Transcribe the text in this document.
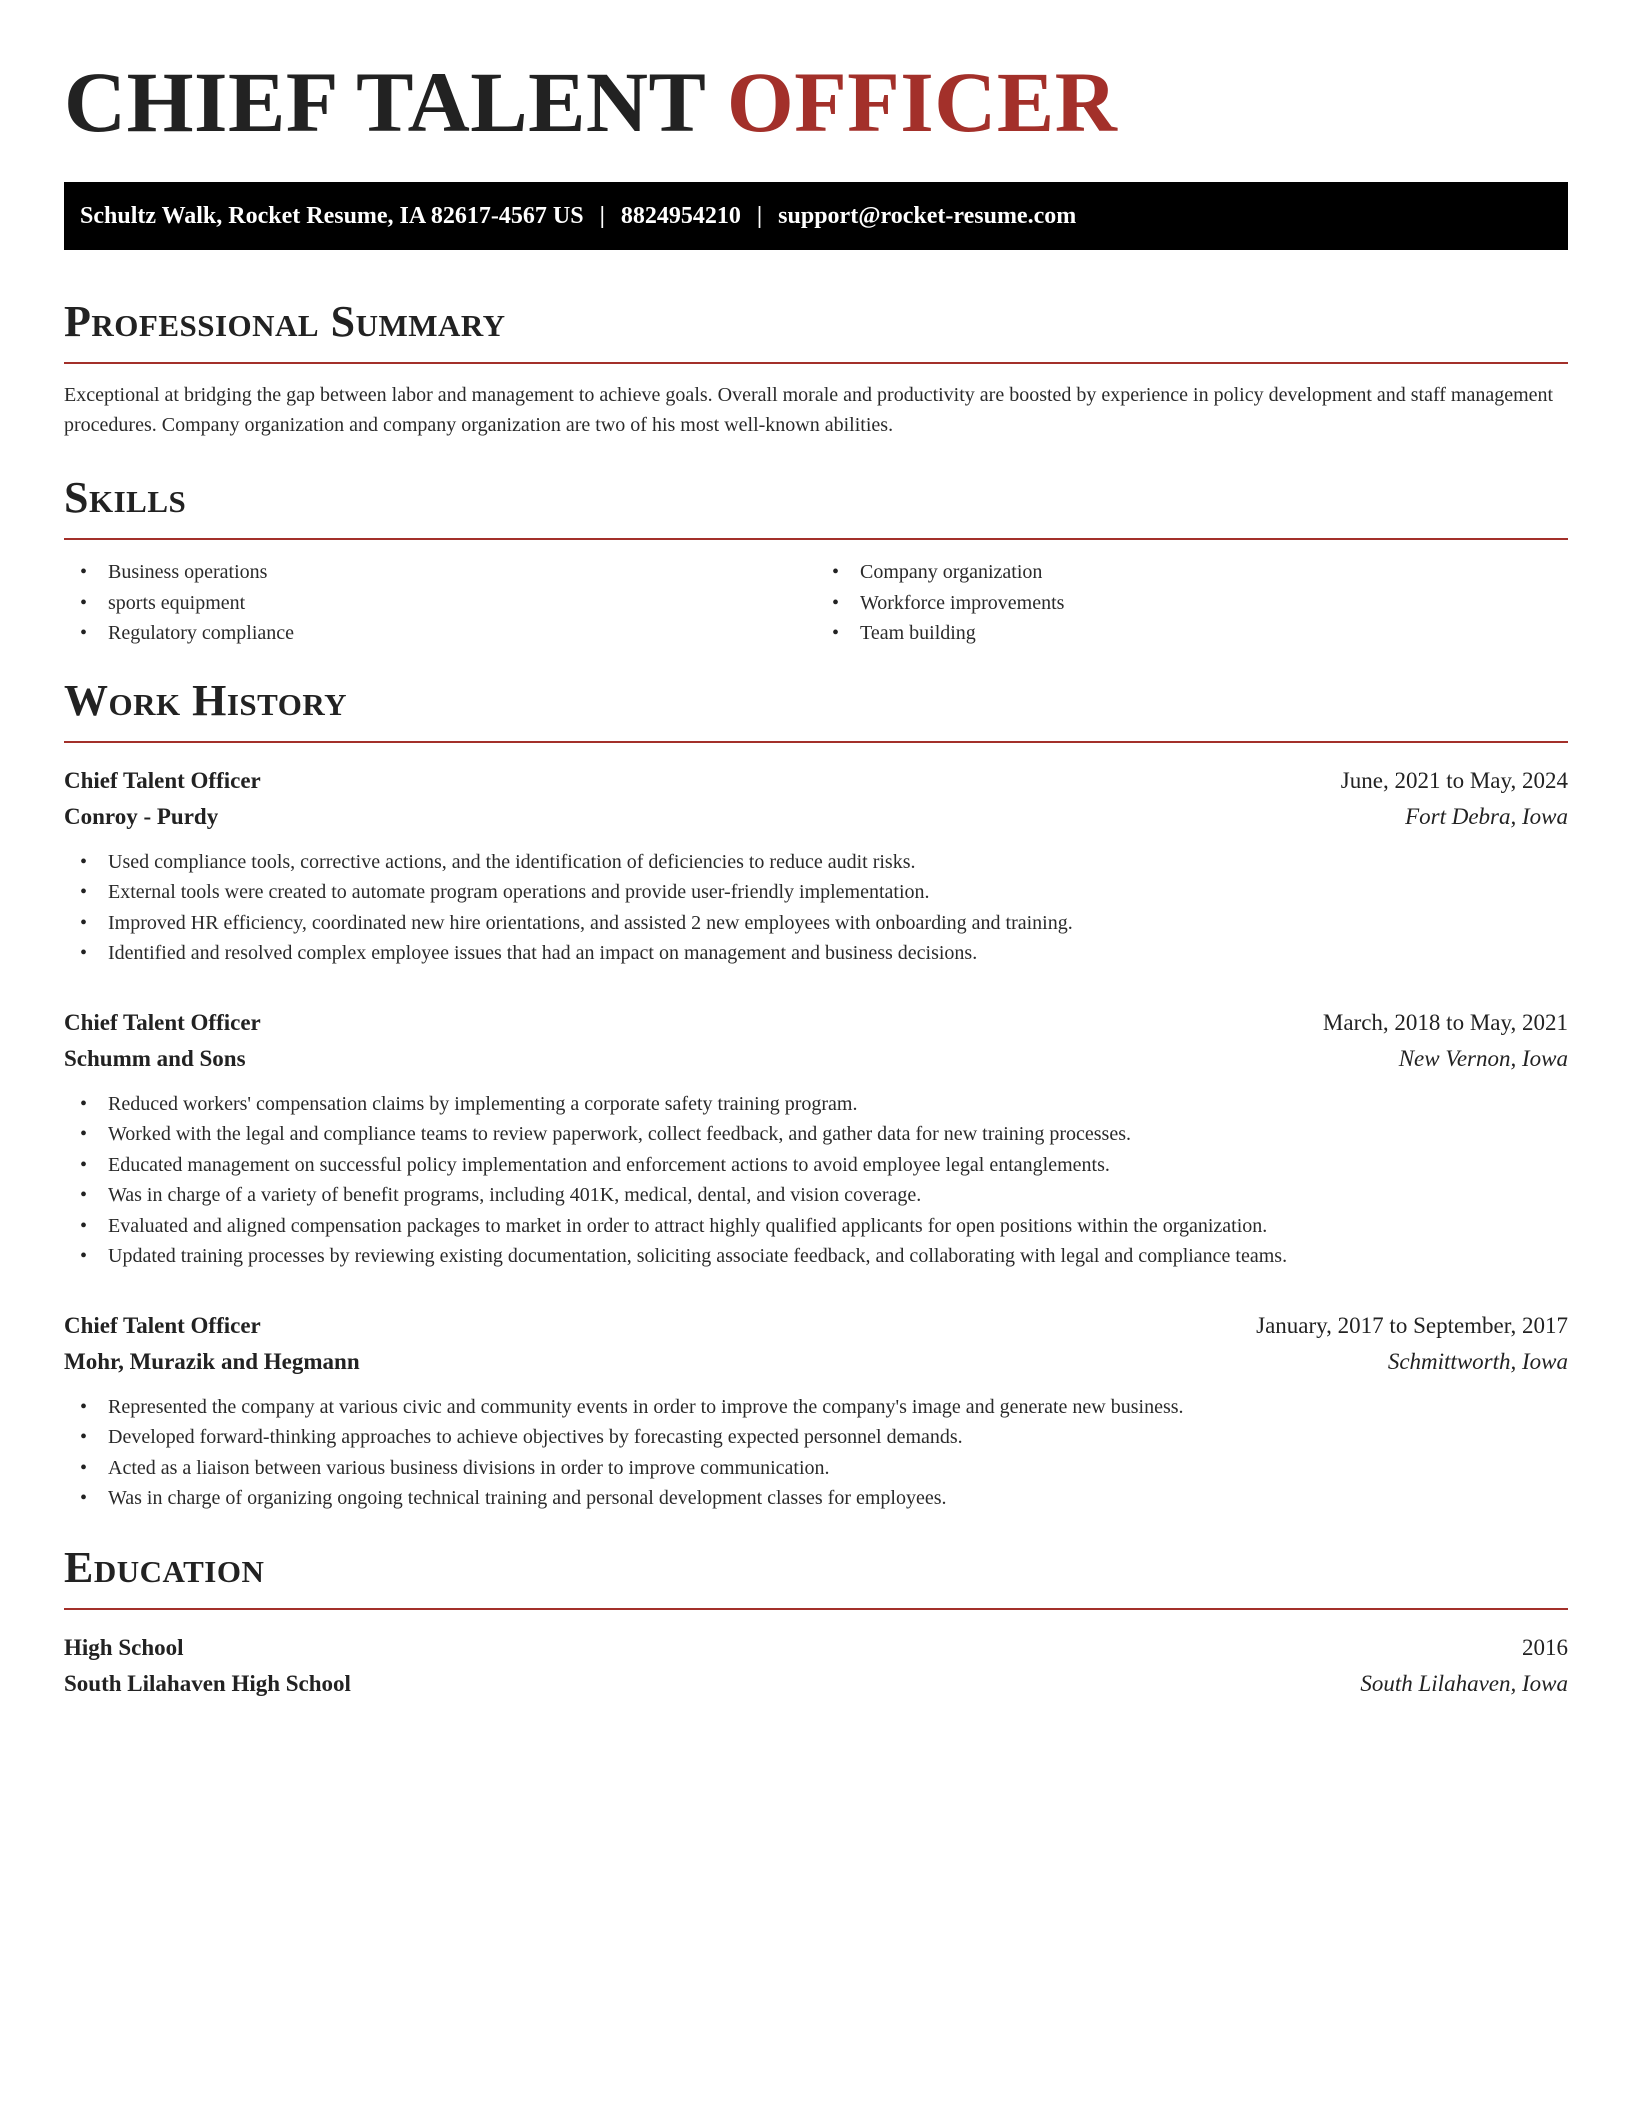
CHIEF TALENT OFFICER
Schultz Walk, Rocket Resume, IA 82617-4567 US | 8824954210 | support@rocket-resume.com
Professional Summary

Exceptional at bridging the gap between labor and management to achieve goals. Overall morale and productivity are boosted by experience in policy development and staff management procedures. Company organization and company organization are two of his most well-known abilities.

Skills
• Business operations
• sports equipment
• Regulatory compliance
• Company organization
• Workforce improvements
• Team building
Work History
Chief Talent Officer	June, 2021 to May, 2024
Conroy - Purdy	Fort Debra, Iowa
• Used compliance tools, corrective actions, and the identification of deficiencies to reduce audit risks.
• External tools were created to automate program operations and provide user-friendly implementation.
• Improved HR efficiency, coordinated new hire orientations, and assisted 2 new employees with onboarding and training.
• Identified and resolved complex employee issues that had an impact on management and business decisions.
Chief Talent Officer	March, 2018 to May, 2021
Schumm and Sons	New Vernon, Iowa
• Reduced workers' compensation claims by implementing a corporate safety training program.
• Worked with the legal and compliance teams to review paperwork, collect feedback, and gather data for new training processes.
• Educated management on successful policy implementation and enforcement actions to avoid employee legal entanglements.
• Was in charge of a variety of benefit programs, including 401K, medical, dental, and vision coverage.
• Evaluated and aligned compensation packages to market in order to attract highly qualified applicants for open positions within the organization.
• Updated training processes by reviewing existing documentation, soliciting associate feedback, and collaborating with legal and compliance teams.
Chief Talent Officer	January, 2017 to September, 2017
Mohr, Murazik and Hegmann	Schmittworth, Iowa
• Represented the company at various civic and community events in order to improve the company's image and generate new business.
• Developed forward-thinking approaches to achieve objectives by forecasting expected personnel demands.
• Acted as a liaison between various business divisions in order to improve communication.
• Was in charge of organizing ongoing technical training and personal development classes for employees.
Education
High School	2016
South Lilahaven High School	South Lilahaven, Iowa
